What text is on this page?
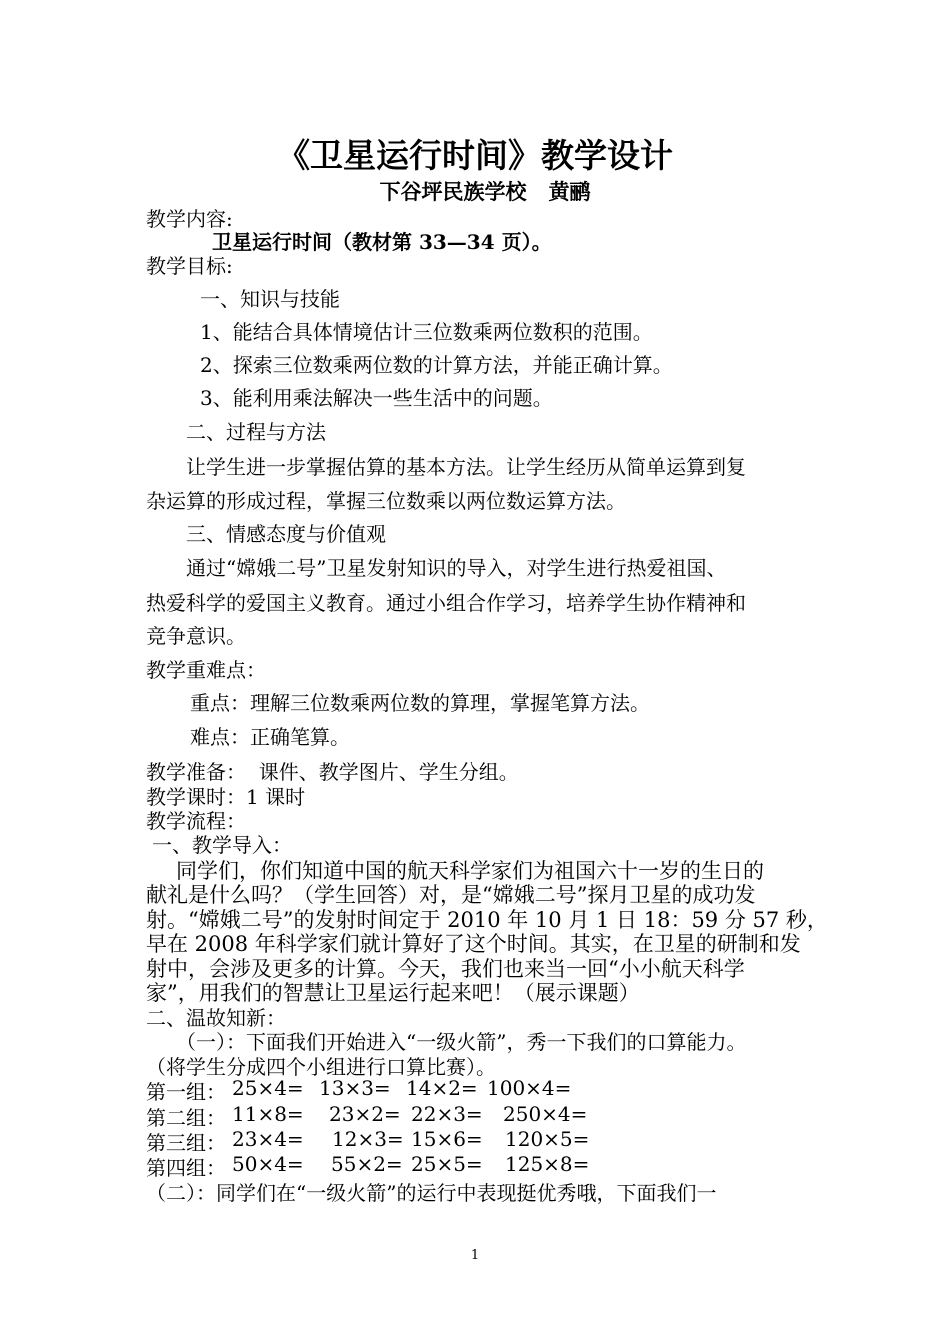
《卫星运行时间》教学设计
下谷坪民族学校   黄鹂
教学内容:
卫星运行时间（教材第 33—34 页）。
教学目标:
一、知识与技能
1、能结合具体情境估计三位数乘两位数积的范围。
2、探索三位数乘两位数的计算方法，并能正确计算。
3、能利用乘法解决一些生活中的问题。
二、过程与方法
让学生进一步掌握估算的基本方法。让学生经历从简单运算到复
杂运算的形成过程，掌握三位数乘以两位数运算方法。
三、情感态度与价值观
通过“嫦娥二号”卫星发射知识的导入，对学生进行热爱祖国、
热爱科学的爱国主义教育。通过小组合作学习，培养学生协作精神和
竞争意识。
教学重难点：
重点：理解三位数乘两位数的算理，掌握笔算方法。
难点：正确笔算。
教学准备：  课件、教学图片、学生分组。
教学课时：1 课时
教学流程：
一、教学导入：
同学们，你们知道中国的航天科学家们为祖国六十一岁的生日的
献礼是什么吗？（学生回答）对，是“嫦娥二号”探月卫星的成功发
射。“嫦娥二号”的发射时间定于 2010 年 10 月 1 日 18：59 分 57 秒，
早在 2008 年科学家们就计算好了这个时间。其实，在卫星的研制和发
射中，会涉及更多的计算。今天，我们也来当一回“小小航天科学
家”，用我们的智慧让卫星运行起来吧！（展示课题）
二、温故知新：
（一）：下面我们开始进入“一级火箭”，秀一下我们的口算能力。
（将学生分成四个小组进行口算比赛）。
第一组： 25×4= 13×3= 14×2= 100×4=
第二组： 11×8= 23×2= 22×3= 250×4=
第三组： 23×4= 12×3= 15×6= 120×5=
第四组： 50×4= 55×2= 25×5= 125×8=
（二）：同学们在“一级火箭”的运行中表现挺优秀哦，下面我们一
1
